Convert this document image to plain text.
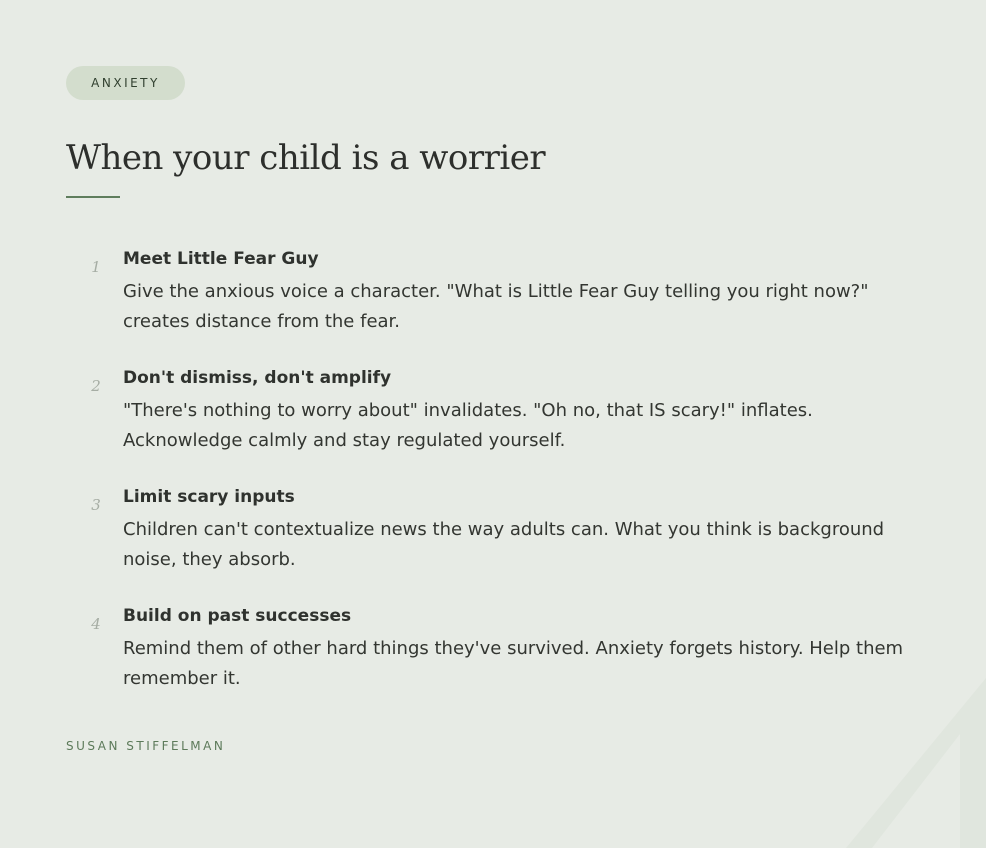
ANXIETY
When your child is a worrier
1 Meet Little Fear Guy

Give the anxious voice a character. "What is Little Fear Guy telling you right now?" creates distance from the fear.

2 Don't dismiss, don't amplify

"There's nothing to worry about" invalidates. "Oh no, that IS scary!" inflates. Acknowledge calmly and stay regulated yourself.

3 Limit scary inputs

Children can't contextualize news the way adults can. What you think is background noise, they absorb.

4 Build on past successes

Remind them of other hard things they've survived. Anxiety forgets history. Help them remember it.

SUSAN STIFFELMAN
